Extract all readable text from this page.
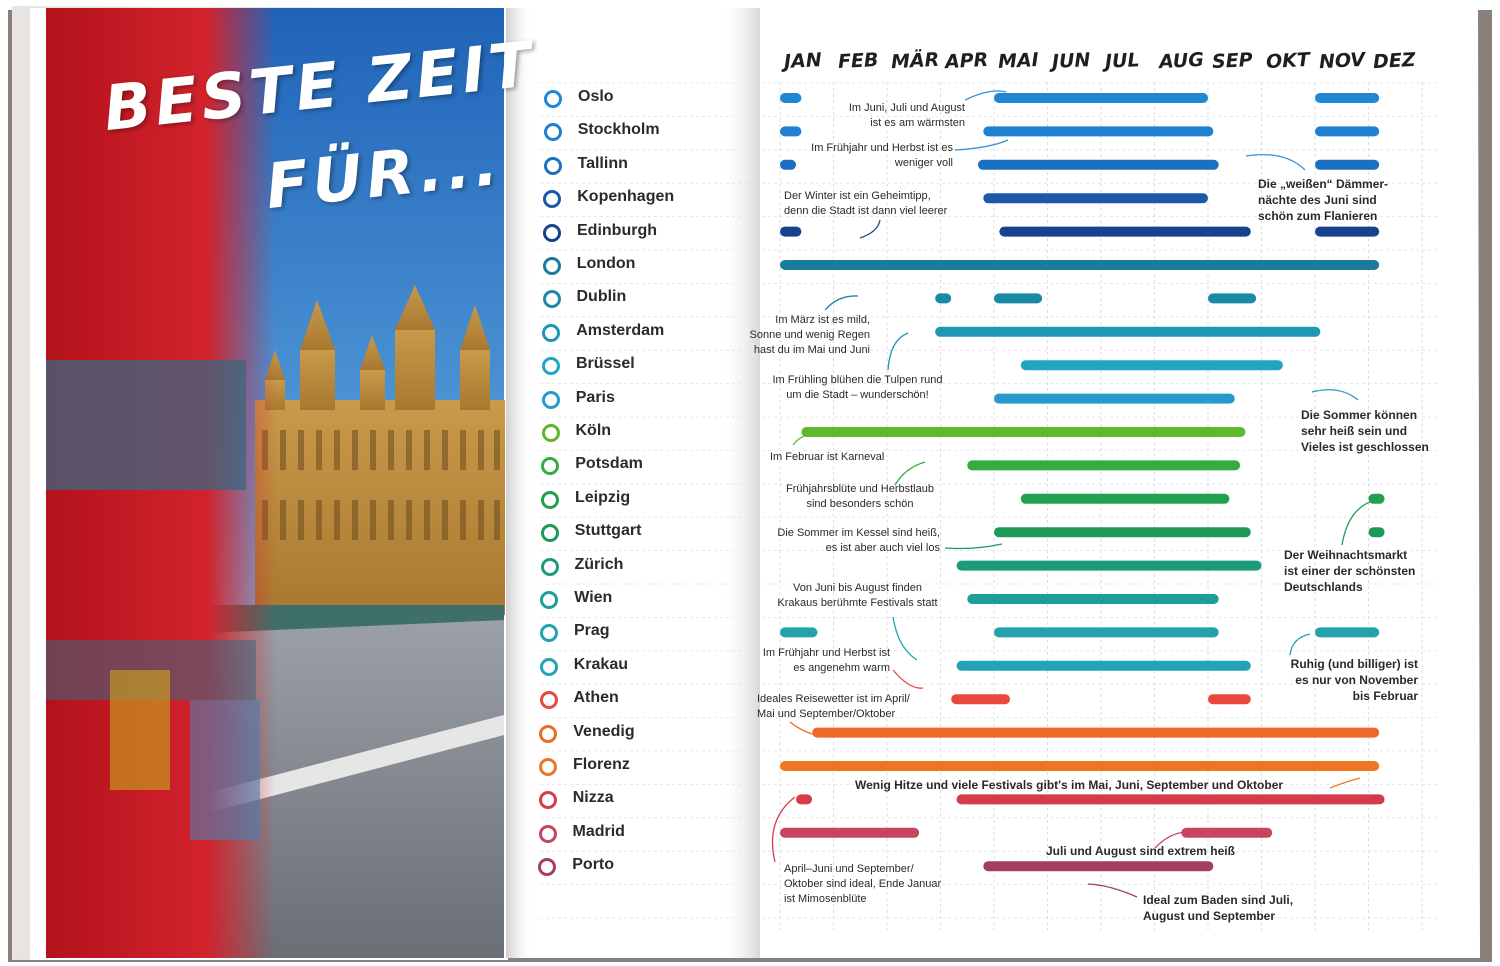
BESTE ZEIT
FÜR...
Oslo
Stockholm
Tallinn
Kopenhagen
Edinburgh
London
Dublin
Amsterdam
Brüssel
Paris
Köln
Potsdam
Leipzig
Stuttgart
Zürich
Wien
Prag
Krakau
Athen
Venedig
Florenz
Nizza
Madrid
Porto
JAN FEB MÄR APR MAI JUN JUL AUG SEP OKT NOV DEZ
Im Juni, Juli und August
ist es am wärmsten
Im Frühjahr und Herbst ist es
weniger voll
Der Winter ist ein Geheimtipp,
denn die Stadt ist dann viel leerer
Die „weißen“ Dämmer-
nächte des Juni sind
schön zum Flanieren
Im März ist es mild,
Sonne und wenig Regen
hast du im Mai und Juni
Im Frühling blühen die Tulpen rund
um die Stadt – wunderschön!
Die Sommer können
sehr heiß sein und
Vieles ist geschlossen
Im Februar ist Karneval
Frühjahrsblüte und Herbstlaub
sind besonders schön
Die Sommer im Kessel sind heiß,
es ist aber auch viel los	Der Weihnachtsmarkt
ist einer der schönsten
Deutschlands
Von Juni bis August finden
Krakaus berühmte Festivals statt
Im Frühjahr und Herbst ist
es angenehm warm	Ruhig (und billiger) ist
es nur von November
bis Februar
Ideales Reisewetter ist im April/
Mai und September/Oktober
Wenig Hitze und viele Festivals gibt's im Mai, Juni, September und Oktober
Juli und August sind extrem heiß
April–Juni und September/
Oktober sind ideal, Ende Januar
ist Mimosenblüte	Ideal zum Baden sind Juli,
August und September
